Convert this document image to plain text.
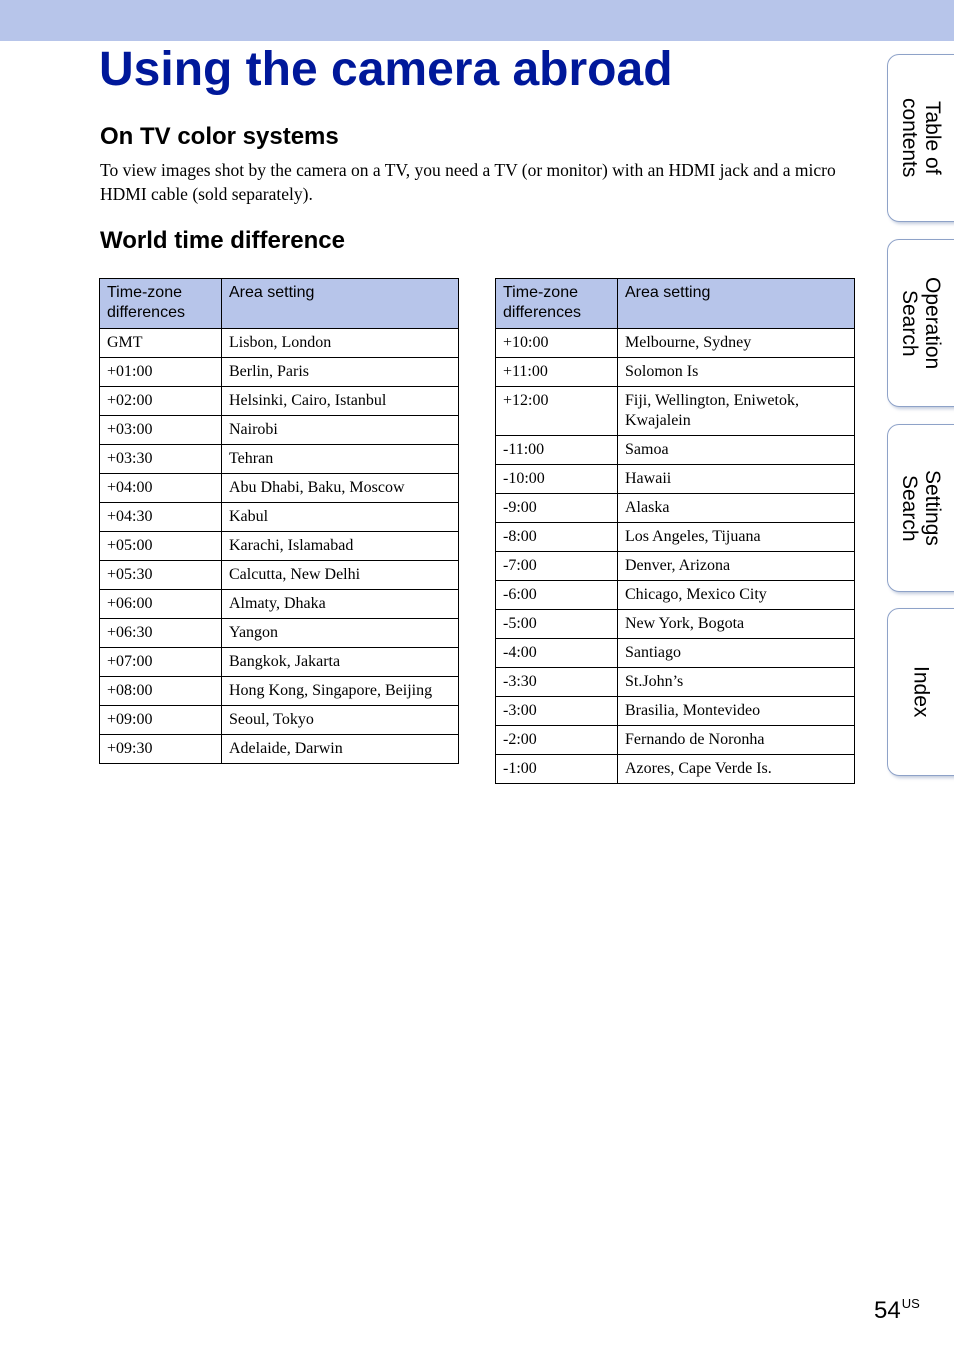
Using the camera abroad
On TV color systems

To view images shot by the camera on a TV, you need a TV (or monitor) with an HDMI jack and a micro HDMI cable (sold separately).

World time difference
Time-zone differences	Area setting
GMT	Lisbon, London
+01:00	Berlin, Paris
+02:00	Helsinki, Cairo, Istanbul
+03:00	Nairobi
+03:30	Tehran
+04:00	Abu Dhabi, Baku, Moscow
+04:30	Kabul
+05:00	Karachi, Islamabad
+05:30	Calcutta, New Delhi
+06:00	Almaty, Dhaka
+06:30	Yangon
+07:00	Bangkok, Jakarta
+08:00	Hong Kong, Singapore, Beijing
+09:00	Seoul, Tokyo
+09:30	Adelaide, Darwin
Time-zone differences	Area setting
+10:00	Melbourne, Sydney
+11:00	Solomon Is
+12:00	Fiji, Wellington, Eniwetok, Kwajalein
-11:00	Samoa
-10:00	Hawaii
-9:00	Alaska
-8:00	Los Angeles, Tijuana
-7:00	Denver, Arizona
-6:00	Chicago, Mexico City
-5:00	New York, Bogota
-4:00	Santiago
-3:30	St.John’s
-3:00	Brasilia, Montevideo
-2:00	Fernando de Noronha
-1:00	Azores, Cape Verde Is.
Table of
contents
Operation
Search
Settings
Search
Index
$54^{US}$
